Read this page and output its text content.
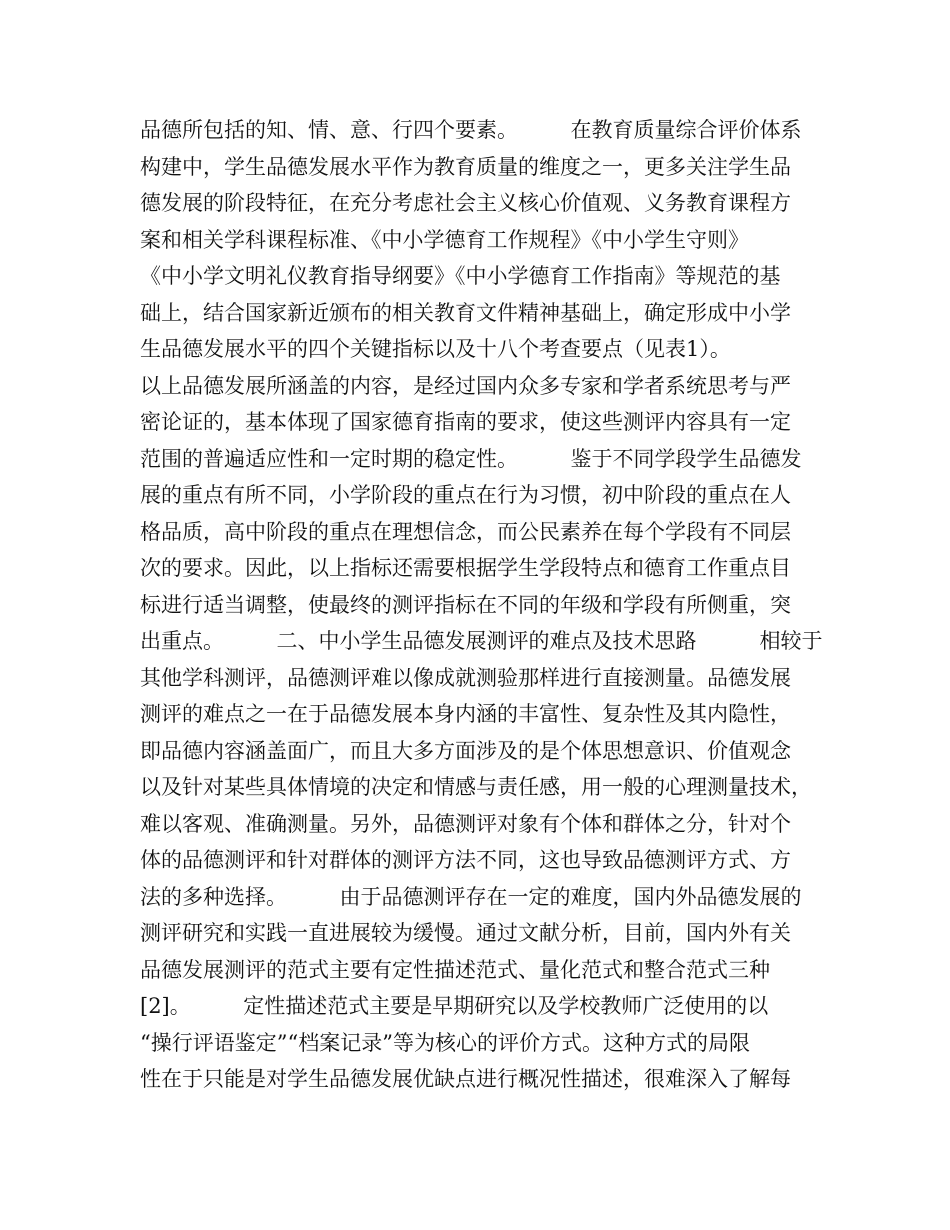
品德所包括的知、情、意、行四个要素。　　　在教育质量综合评价体系
构建中，学生品德发展水平作为教育质量的维度之一，更多关注学生品
德发展的阶段特征，在充分考虑社会主义核心价值观、义务教育课程方
案和相关学科课程标准、《中小学德育工作规程》《中小学生守则》
《中小学文明礼仪教育指导纲要》《中小学德育工作指南》等规范的基
础上，结合国家新近颁布的相关教育文件精神基础上，确定形成中小学
生品德发展水平的四个关键指标以及十八个考查要点（见表1）。
以上品德发展所涵盖的内容，是经过国内众多专家和学者系统思考与严
密论证的，基本体现了国家德育指南的要求，使这些测评内容具有一定
范围的普遍适应性和一定时期的稳定性。　　　鉴于不同学段学生品德发
展的重点有所不同，小学阶段的重点在行为习惯，初中阶段的重点在人
格品质，高中阶段的重点在理想信念，而公民素养在每个学段有不同层
次的要求。因此，以上指标还需要根据学生学段特点和德育工作重点目
标进行适当调整，使最终的测评指标在不同的年级和学段有所侧重，突
出重点。　　　二、中小学生品德发展测评的难点及技术思路　　　相较于
其他学科测评，品德测评难以像成就测验那样进行直接测量。品德发展
测评的难点之一在于品德发展本身内涵的丰富性、复杂性及其内隐性，
即品德内容涵盖面广，而且大多方面涉及的是个体思想意识、价值观念
以及针对某些具体情境的决定和情感与责任感，用一般的心理测量技术，
难以客观、准确测量。另外，品德测评对象有个体和群体之分，针对个
体的品德测评和针对群体的测评方法不同，这也导致品德测评方式、方
法的多种选择。　　　由于品德测评存在一定的难度，国内外品德发展的
测评研究和实践一直进展较为缓慢。通过文献分析，目前，国内外有关
品德发展测评的范式主要有定性描述范式、量化范式和整合范式三种
[2]。　　　定性描述范式主要是早期研究以及学校教师广泛使用的以
“操行评语鉴定”“档案记录”等为核心的评价方式。这种方式的局限
性在于只能是对学生品德发展优缺点进行概况性描述，很难深入了解每
